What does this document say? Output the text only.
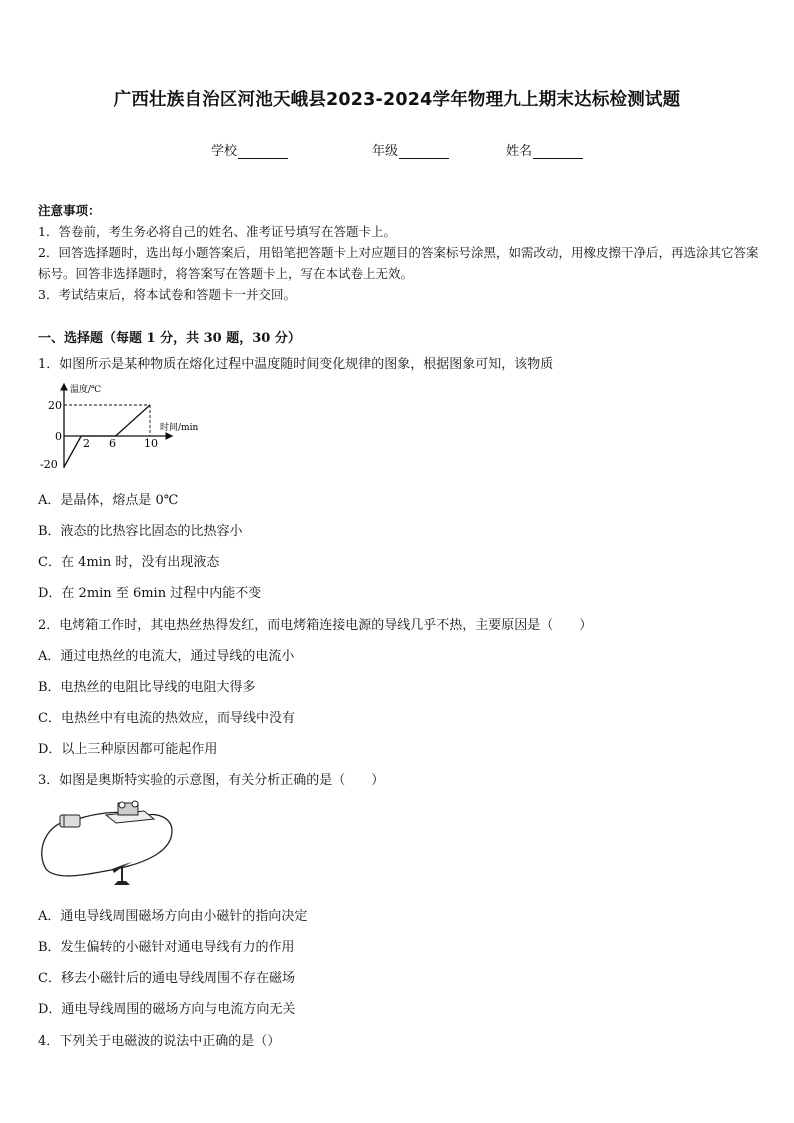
广西壮族自治区河池天峨县2023-2024学年物理九上期末达标检测试题
学校	年级	姓名

注意事项：

1．答卷前，考生务必将自己的姓名、准考证号填写在答题卡上。

2．回答选择题时，选出每小题答案后，用铅笔把答题卡上对应题目的答案标号涂黑，如需改动，用橡皮擦干净后，再选涂其它答案标号。回答非选择题时，将答案写在答题卡上，写在本试卷上无效。

3．考试结束后，将本试卷和答题卡一并交回。

一、选择题（每题 1 分，共 30 题，30 分）
1．如图所示是某种物质在熔化过程中温度随时间变化规律的图象，根据图象可知，该物质
温度/℃
时间/min
20
-20
0
2 6	10
A．是晶体，熔点是 0℃
B．液态的比热容比固态的比热容小
C．在 4min 时，没有出现液态
D．在 2min 至 6min 过程中内能不变
2．电烤箱工作时，其电热丝热得发红，而电烤箱连接电源的导线几乎不热，主要原因是（　　）
A．通过电热丝的电流大，通过导线的电流小
B．电热丝的电阻比导线的电阻大得多
C．电热丝中有电流的热效应，而导线中没有
D．以上三种原因都可能起作用
3．如图是奥斯特实验的示意图，有关分析正确的是（　　）
A．通电导线周围磁场方向由小磁针的指向决定
B．发生偏转的小磁针对通电导线有力的作用
C．移去小磁针后的通电导线周围不存在磁场
D．通电导线周围的磁场方向与电流方向无关
4．下列关于电磁波的说法中正确的是（）
